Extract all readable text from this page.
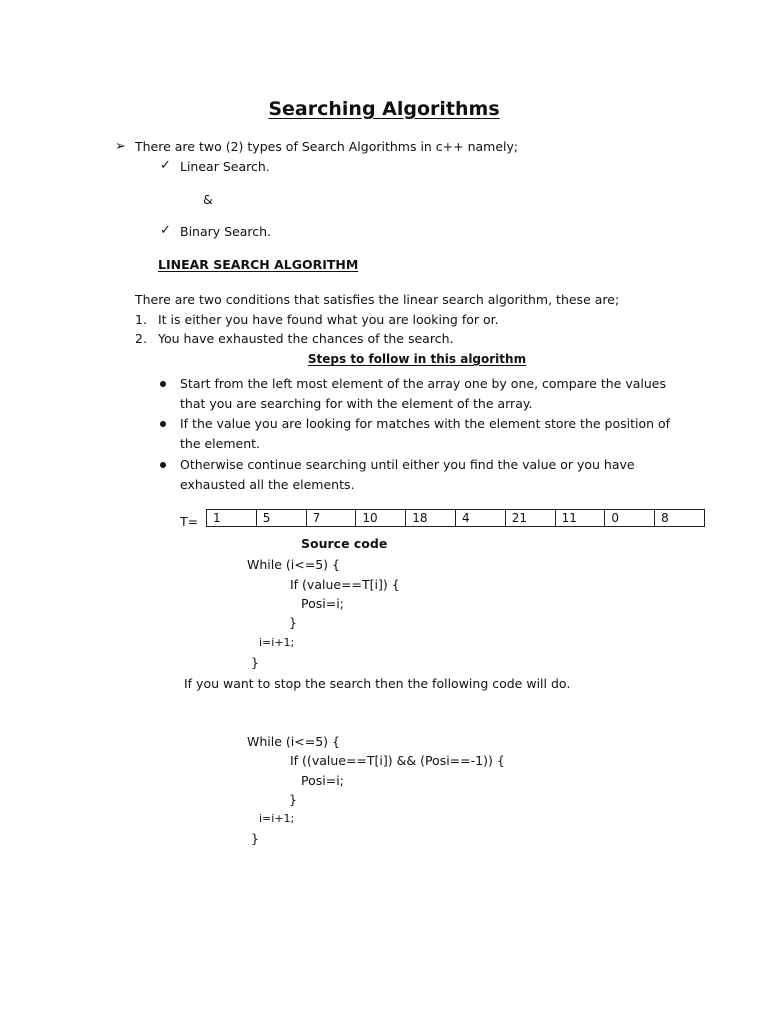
Searching Algorithms
➢ There are two (2) types of Search Algorithms in c++ namely;
✓ Linear Search.
&
✓ Binary Search.
LINEAR SEARCH ALGORITHM
There are two conditions that satisfies the linear search algorithm, these are;
1. It is either you have found what you are looking for or.
2. You have exhausted the chances of the search.
Steps to follow in this algorithm
Start from the left most element of the array one by one, compare the values that you are searching for with the element of the array.
If the value you are looking for matches with the element store the position of the element.
Otherwise continue searching until either you find the value or you have exhausted all the elements.
T= 1	5	7	10	18	4	21	11	0	8
Source code
While (i<=5) {
If (value==T[i]) {
Posi=i;
}
i=i+1;
}
If you want to stop the search then the following code will do.
While (i<=5) {
If ((value==T[i]) && (Posi==-1)) {
Posi=i;
}
i=i+1;
}
